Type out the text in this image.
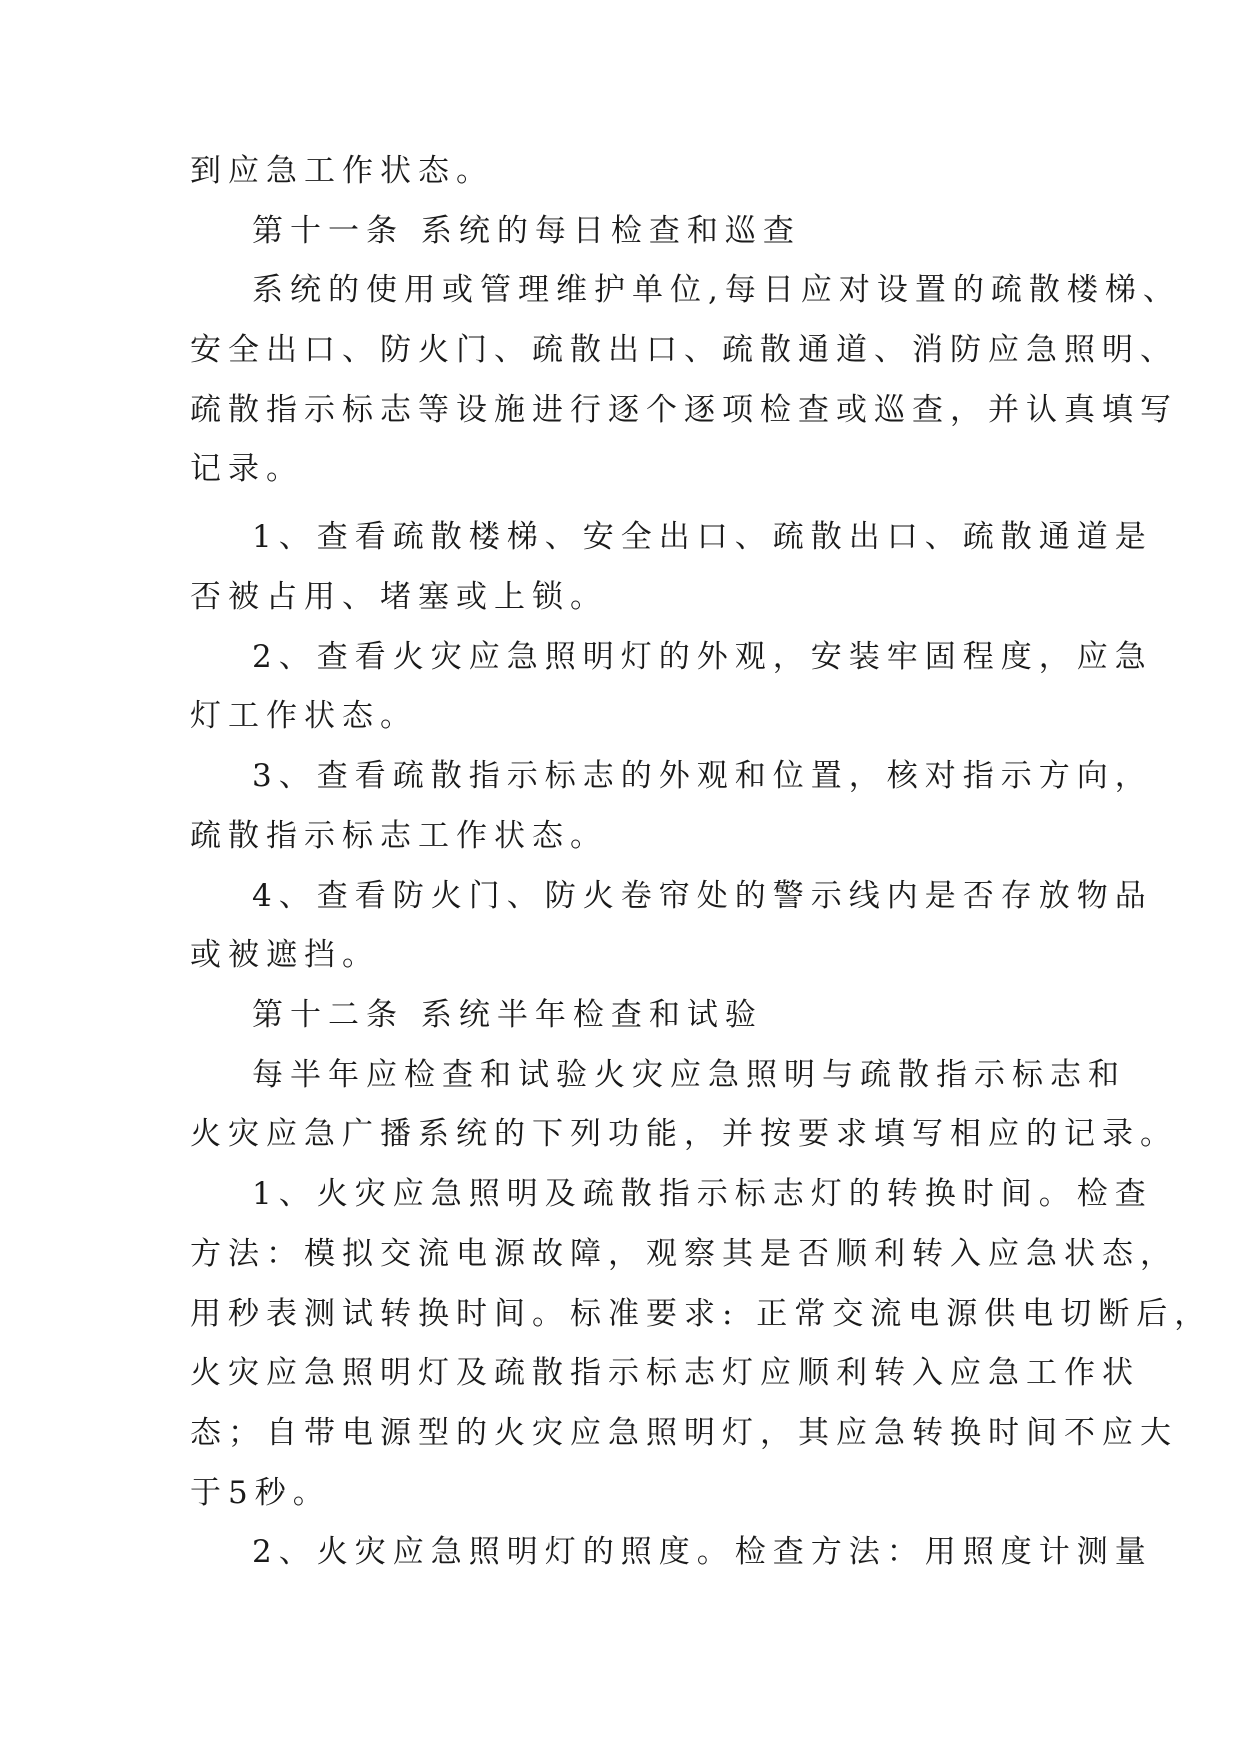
到应急工作状态。
第十一条 系统的每日检查和巡查
系统的使用或管理维护单位,每日应对设置的疏散楼梯、
安全出口、防火门、疏散出口、疏散通道、消防应急照明、
疏散指示标志等设施进行逐个逐项检查或巡查，并认真填写
记录。
1、查看疏散楼梯、安全出口、疏散出口、疏散通道是
否被占用、堵塞或上锁。
2、查看火灾应急照明灯的外观，安装牢固程度，应急
灯工作状态。
3、查看疏散指示标志的外观和位置，核对指示方向，
疏散指示标志工作状态。
4、查看防火门、防火卷帘处的警示线内是否存放物品
或被遮挡。
第十二条 系统半年检查和试验
每半年应检查和试验火灾应急照明与疏散指示标志和
火灾应急广播系统的下列功能，并按要求填写相应的记录。
1、火灾应急照明及疏散指示标志灯的转换时间。检查
方法：模拟交流电源故障，观察其是否顺利转入应急状态，
用秒表测试转换时间。标准要求: 正常交流电源供电切断后，
火灾应急照明灯及疏散指示标志灯应顺利转入应急工作状
态；自带电源型的火灾应急照明灯，其应急转换时间不应大
于5秒。
2、火灾应急照明灯的照度。检查方法：用照度计测量
